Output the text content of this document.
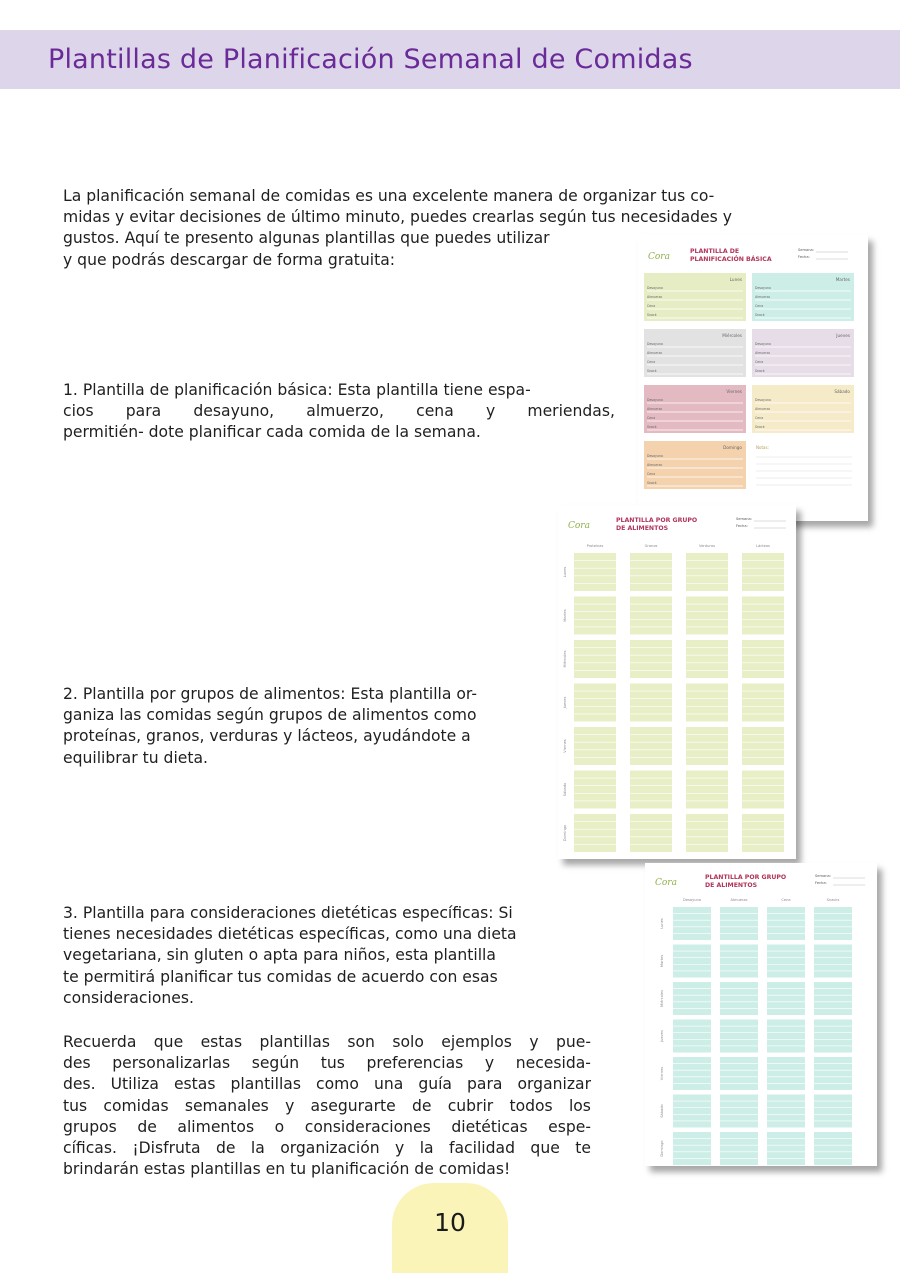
Plantillas de Planificación Semanal de Comidas
La planificación semanal de comidas es una excelente manera de organizar tus co-
midas y evitar decisiones de último minuto, puedes crearlas según tus necesidades y
gustos. Aquí te presento algunas plantillas que puedes utilizar
y que podrás descargar de forma gratuita:
1. Plantilla de planificación básica: Esta plantilla tiene espa-
cios para desayuno, almuerzo, cena y meriendas,
permitién- dote planificar cada comida de la semana.
2. Plantilla por grupos de alimentos: Esta plantilla or-
ganiza las comidas según grupos de alimentos como
proteínas, granos, verduras y lácteos, ayudándote a
equilibrar tu dieta.
3. Plantilla para consideraciones dietéticas específicas: Si
tienes necesidades dietéticas específicas, como una dieta
vegetariana, sin gluten o apta para niños, esta plantilla
te permitirá planificar tus comidas de acuerdo con esas
consideraciones.
Recuerda que estas plantillas son solo ejemplos y pue-
des personalizarlas según tus preferencias y necesida-
des. Utiliza estas plantillas como una guía para organizar
tus comidas semanales y asegurarte de cubrir todos los
grupos de alimentos o consideraciones dietéticas espe-
cíficas. ¡Disfruta de la organización y la facilidad que te
brindarán estas plantillas en tu planificación de comidas!
Cora
PLANTILLA DE
PLANIFICACIÓN BÁSICA
Semana:
Fecha:
Lunes
Desayuno
Almuerzo
Cena
Snack
Martes
Desayuno
Almuerzo
Cena
Snack
Miércoles
Desayuno
Almuerzo
Cena
Snack
Jueves
Desayuno
Almuerzo
Cena
Snack
Viernes
Desayuno
Almuerzo
Cena
Snack
Sábado
Desayuno
Almuerzo
Cena
Snack
Domingo
Desayuno
Almuerzo
Cena
Snack
Notas:
Cora
PLANTILLA POR GRUPO
DE ALIMENTOS
Semana:
Fecha:
Proteínas	Granos	Verduras	Lácteos
Lunes
Martes
Miércoles
Jueves
Viernes
Sábado
Domingo
Cora
PLANTILLA POR GRUPO
DE ALIMENTOS
Semana:
Fecha:
Desayuno	Almuerzo	Cena	Snacks
Lunes
Martes
Miércoles
Jueves
Viernes
Sábado
Domingo
10
